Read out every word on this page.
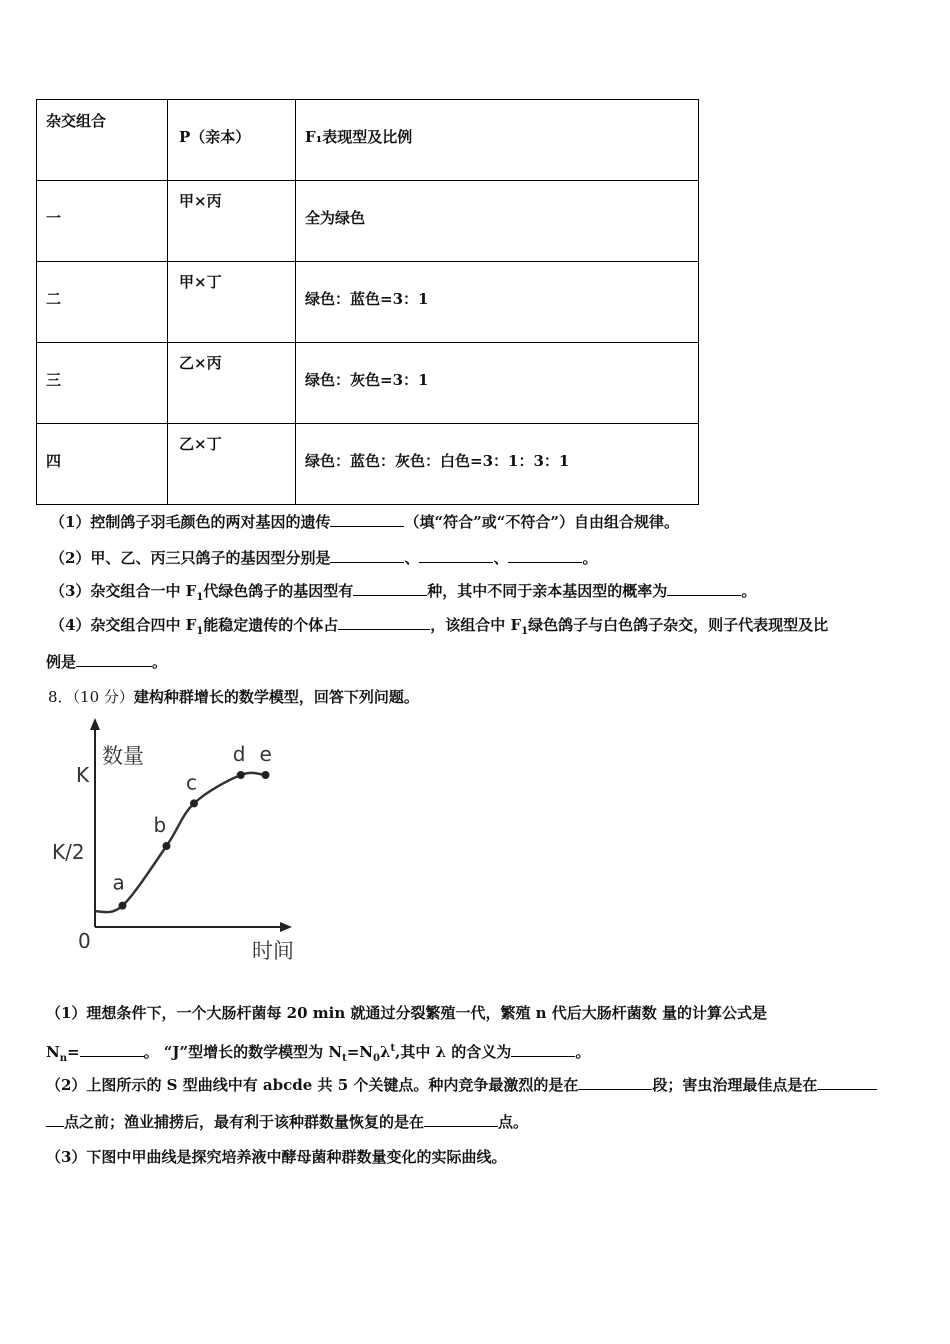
杂交组合	P（亲本）	F₁表现型及比例

一	甲×丙	全为绿色

二	甲×丁	绿色：蓝色=3：1

三	乙×丙	绿色：灰色=3：1

四	乙×丁	绿色：蓝色：灰色：白色=3：1：3：1
（1）控制鸽子羽毛颜色的两对基因的遗传	（填“符合”或“不符合”）自由组合规律。
（2）甲、乙、丙三只鸽子的基因型分别是	、	、	。
（3）杂交组合一中 $F_1$代绿色鸽子的基因型有	种，其中不同于亲本基因型的概率为	。
（4）杂交组合四中 $F_1$能稳定遗传的个体占	，该组合中 $F_1$绿色鸽子与白色鸽子杂交，则子代表现型及比
例是	。
8．（10 分）建构种群增长的数学模型，回答下列问题。
数量
时间
K
K/2
0
a
b
c
d e
（1）理想条件下，一个大肠杆菌每 20 min 就通过分裂繁殖一代，繁殖 n 代后大肠杆菌数 量的计算公式是
$N_n=$	。 “J”型增长的数学模型为 $N_t=N_0\lambda^t$,其中 λ 的含义为	。
（2）上图所示的 S 型曲线中有 abcde 共 5 个关键点。种内竞争最激烈的是在	段；害虫治理最佳点是在
点之前；渔业捕捞后，最有利于该种群数量恢复的是在	点。
（3）下图中甲曲线是探究培养液中酵母菌种群数量变化的实际曲线。
